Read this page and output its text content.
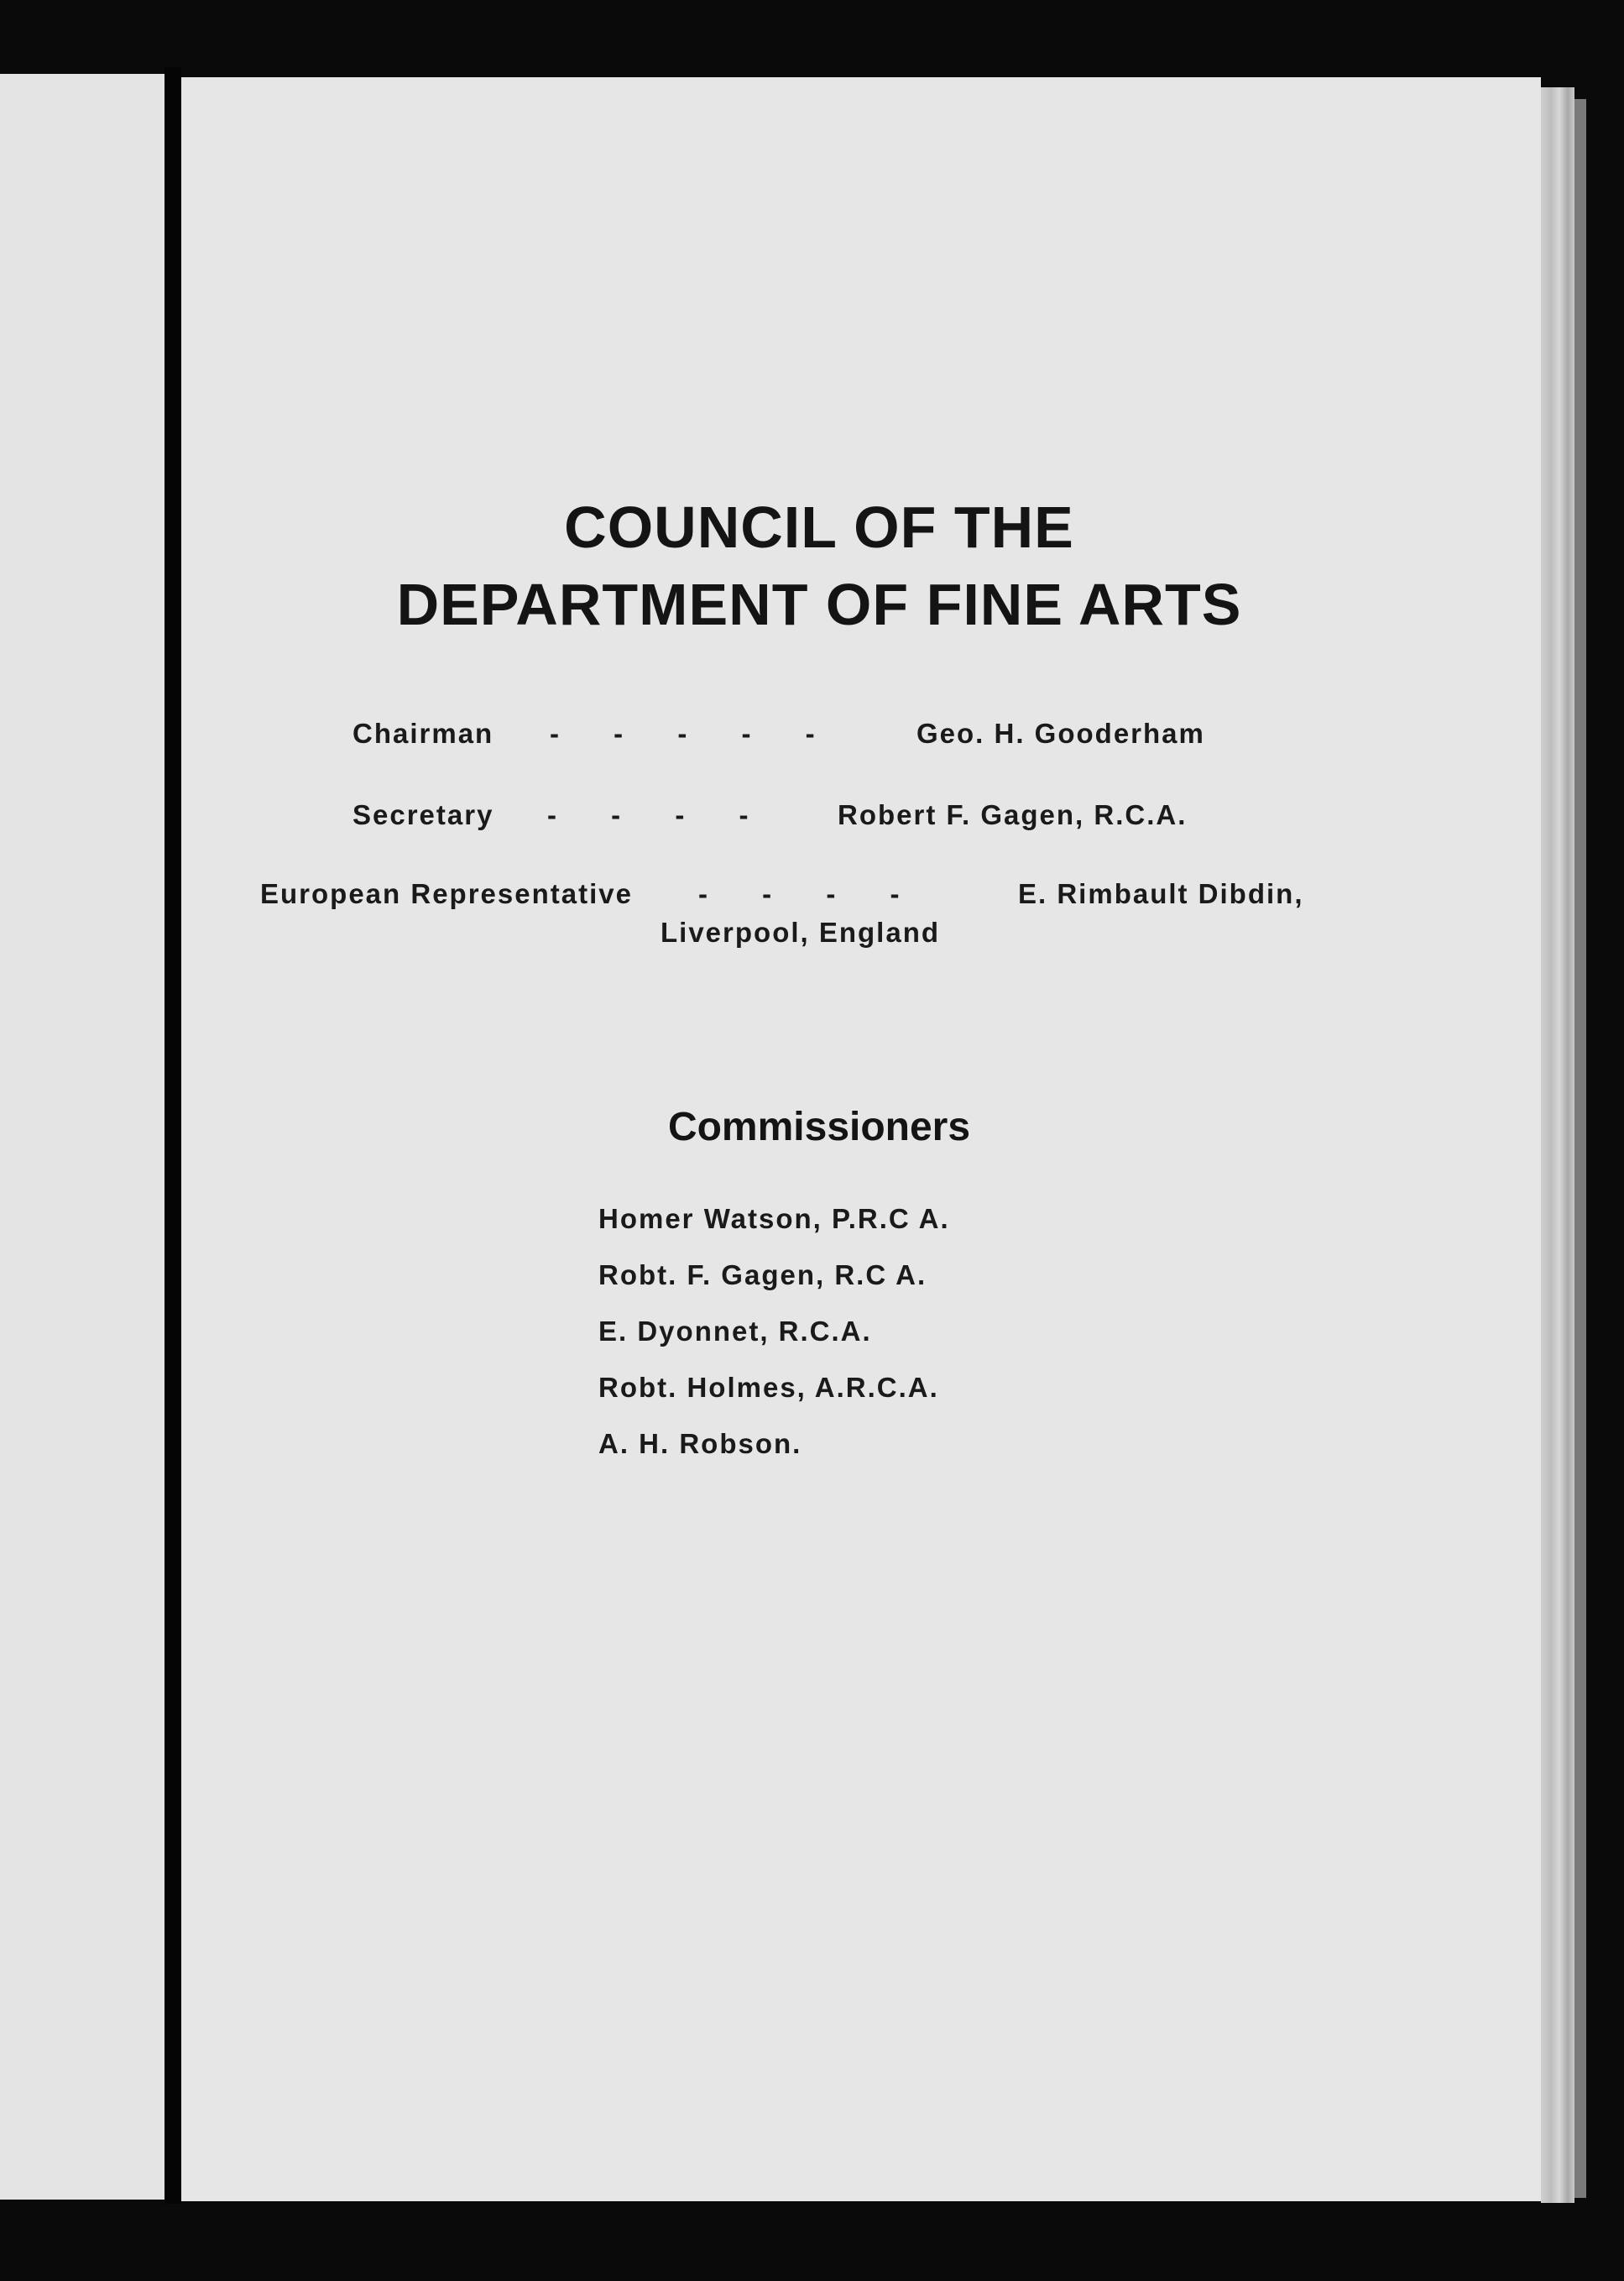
COUNCIL OF THE
DEPARTMENT OF FINE ARTS
Chairman - - - - -	Geo. H. Gooderham
Secretary - - - -	Robert F. Gagen, R.C.A.
European Representative - - - -	E. Rimbault Dibdin,
Liverpool, England
Commissioners
Homer Watson, P.R.C A.
Robt. F. Gagen, R.C A.
E. Dyonnet, R.C.A.
Robt. Holmes, A.R.C.A.
A. H. Robson.
